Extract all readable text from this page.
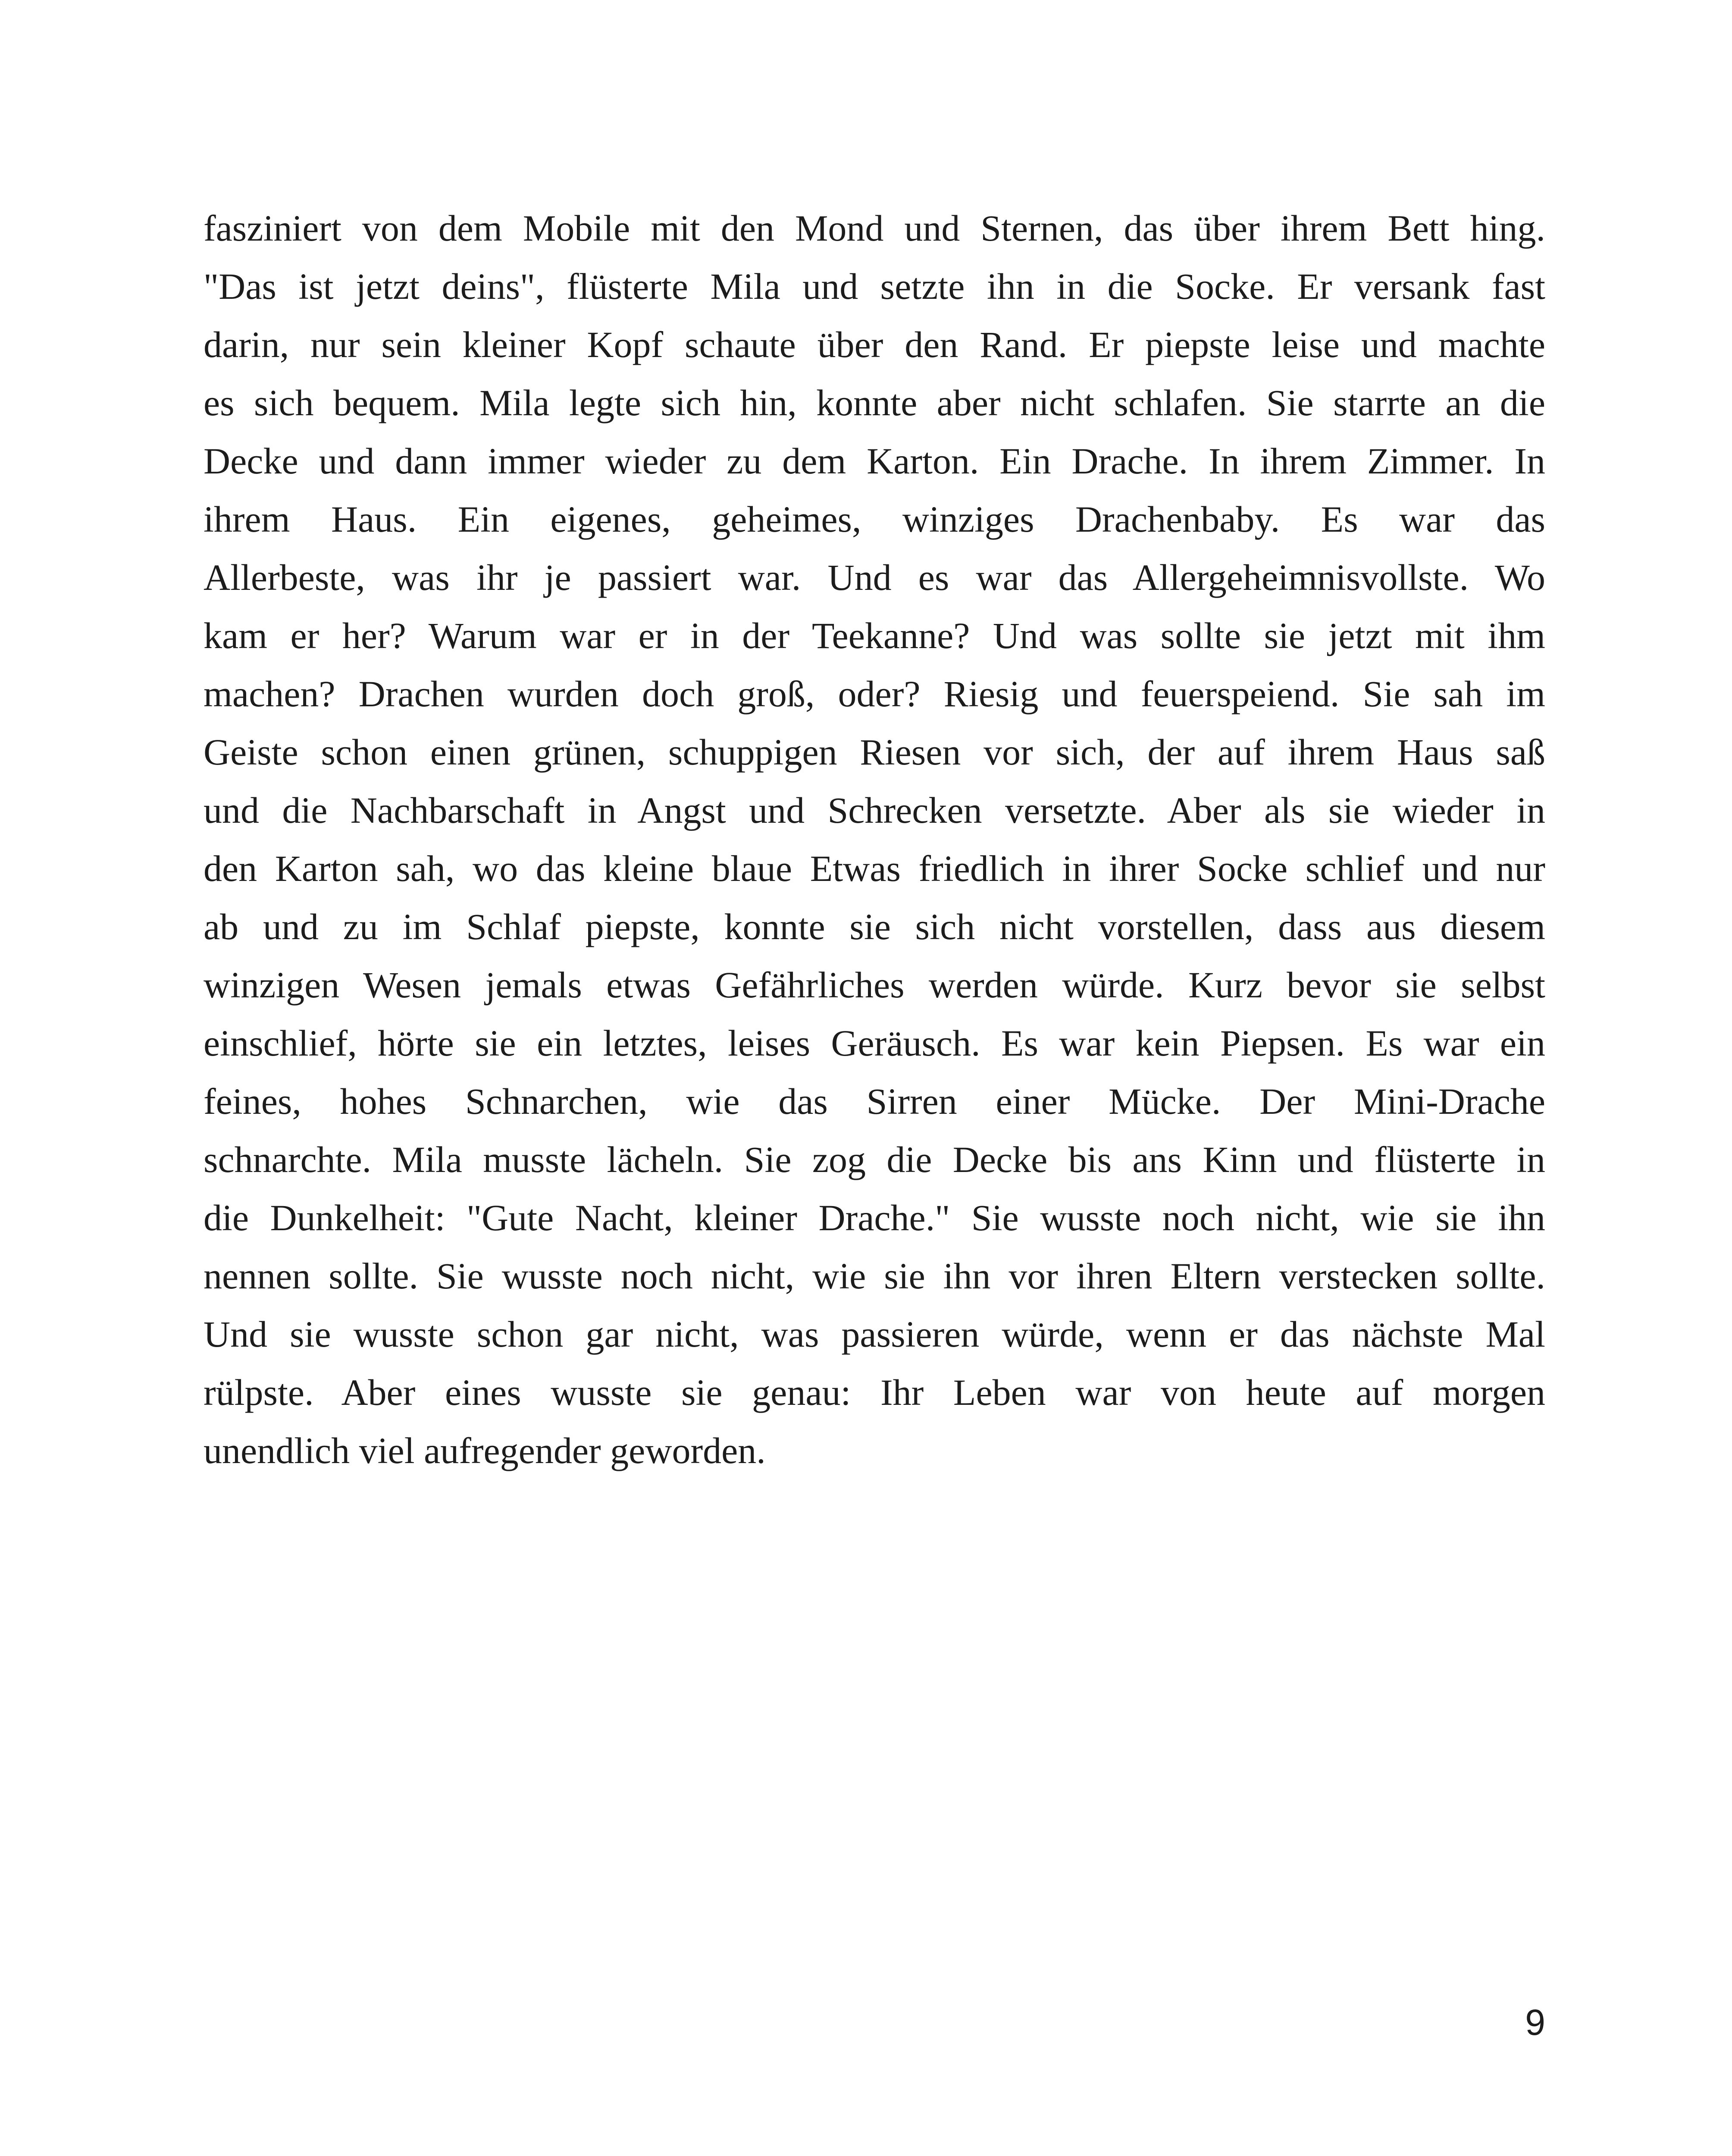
fasziniert von dem Mobile mit den Mond und Sternen, das über ihrem Bett hing.
"Das ist jetzt deins", flüsterte Mila und setzte ihn in die Socke. Er versank fast
darin, nur sein kleiner Kopf schaute über den Rand. Er piepste leise und machte
es sich bequem. Mila legte sich hin, konnte aber nicht schlafen. Sie starrte an die
Decke und dann immer wieder zu dem Karton. Ein Drache. In ihrem Zimmer. In
ihrem Haus. Ein eigenes, geheimes, winziges Drachenbaby. Es war das
Allerbeste, was ihr je passiert war. Und es war das Allergeheimnisvollste. Wo
kam er her? Warum war er in der Teekanne? Und was sollte sie jetzt mit ihm
machen? Drachen wurden doch groß, oder? Riesig und feuerspeiend. Sie sah im
Geiste schon einen grünen, schuppigen Riesen vor sich, der auf ihrem Haus saß
und die Nachbarschaft in Angst und Schrecken versetzte. Aber als sie wieder in
den Karton sah, wo das kleine blaue Etwas friedlich in ihrer Socke schlief und nur
ab und zu im Schlaf piepste, konnte sie sich nicht vorstellen, dass aus diesem
winzigen Wesen jemals etwas Gefährliches werden würde. Kurz bevor sie selbst
einschlief, hörte sie ein letztes, leises Geräusch. Es war kein Piepsen. Es war ein
feines, hohes Schnarchen, wie das Sirren einer Mücke. Der Mini-Drache
schnarchte. Mila musste lächeln. Sie zog die Decke bis ans Kinn und flüsterte in
die Dunkelheit: "Gute Nacht, kleiner Drache." Sie wusste noch nicht, wie sie ihn
nennen sollte. Sie wusste noch nicht, wie sie ihn vor ihren Eltern verstecken sollte.
Und sie wusste schon gar nicht, was passieren würde, wenn er das nächste Mal
rülpste. Aber eines wusste sie genau: Ihr Leben war von heute auf morgen
unendlich viel aufregender geworden.
9
